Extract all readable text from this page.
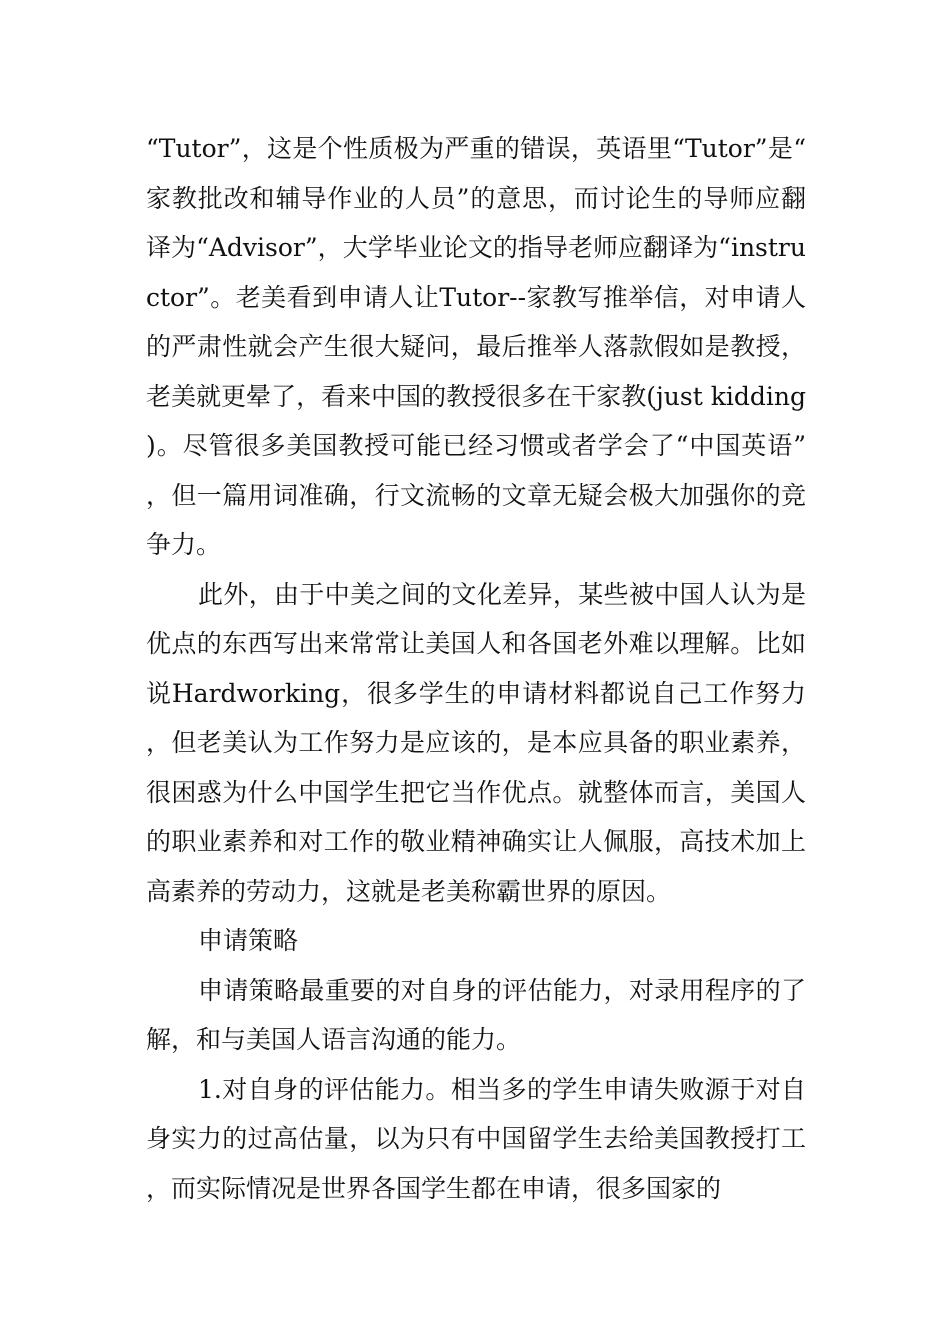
“Tutor”，这是个性质极为严重的错误，英语里“Tutor”是“家教批改和辅导作业的人员”的意思，而讨论生的导师应翻译为“Advisor”，大学毕业论文的指导老师应翻译为“instructor”。老美看到申请人让Tutor--家教写推举信，对申请人的严肃性就会产生很大疑问，最后推举人落款假如是教授，老美就更晕了，看来中国的教授很多在干家教(just kidding)。尽管很多美国教授可能已经习惯或者学会了“中国英语”，但一篇用词准确，行文流畅的文章无疑会极大加强你的竞争力。

此外，由于中美之间的文化差异，某些被中国人认为是优点的东西写出来常常让美国人和各国老外难以理解。比如说Hardworking，很多学生的申请材料都说自己工作努力，但老美认为工作努力是应该的，是本应具备的职业素养，很困惑为什么中国学生把它当作优点。就整体而言，美国人的职业素养和对工作的敬业精神确实让人佩服，高技术加上高素养的劳动力，这就是老美称霸世界的原因。

申请策略

申请策略最重要的对自身的评估能力，对录用程序的了解，和与美国人语言沟通的能力。

1.对自身的评估能力。相当多的学生申请失败源于对自身实力的过高估量，以为只有中国留学生去给美国教授打工，而实际情况是世界各国学生都在申请，很多国家的
